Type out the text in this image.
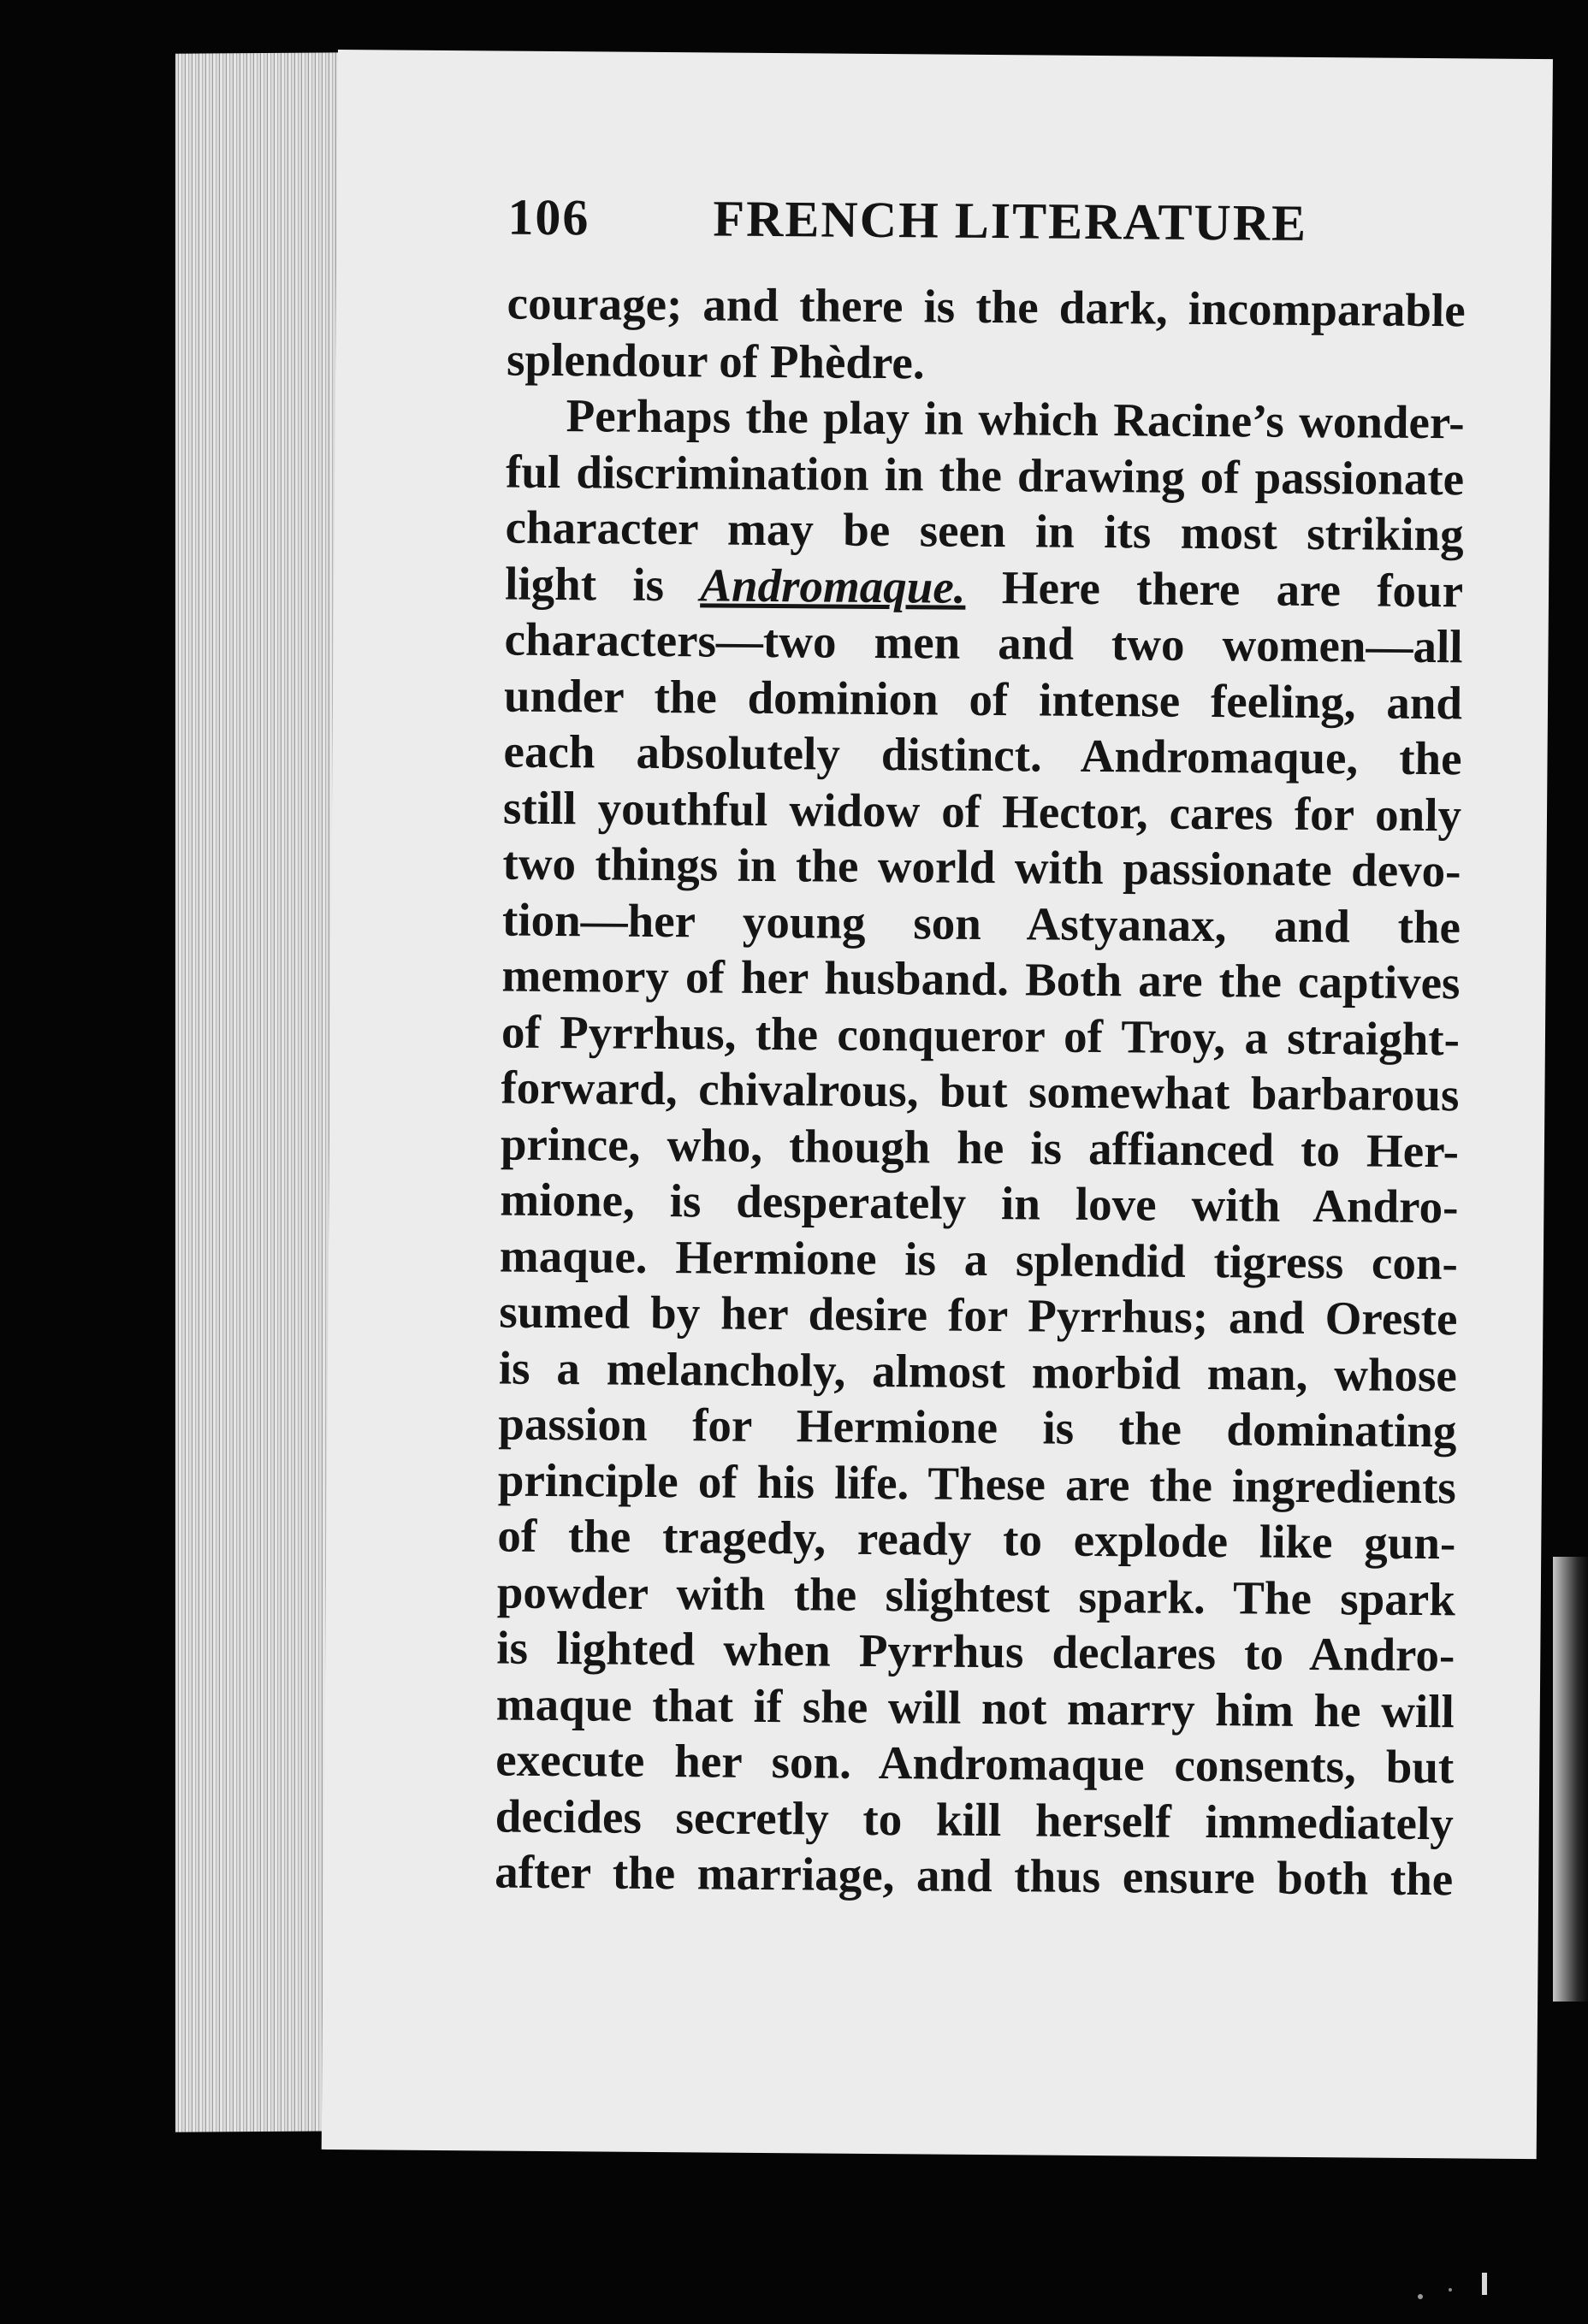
106 FRENCH LITERATURE
courage; and there is the dark, incomparable
splendour of Phèdre.
Perhaps the play in which Racine’s wonder-
ful discrimination in the drawing of passionate
character may be seen in its most striking
light is Andromaque. Here there are four
characters—two men and two women—all
under the dominion of intense feeling, and
each absolutely distinct. Andromaque, the
still youthful widow of Hector, cares for only
two things in the world with passionate devo-
tion—her young son Astyanax, and the
memory of her husband. Both are the captives
of Pyrrhus, the conqueror of Troy, a straight-
forward, chivalrous, but somewhat barbarous
prince, who, though he is affianced to Her-
mione, is desperately in love with Andro-
maque. Hermione is a splendid tigress con-
sumed by her desire for Pyrrhus; and Oreste
is a melancholy, almost morbid man, whose
passion for Hermione is the dominating
principle of his life. These are the ingredients
of the tragedy, ready to explode like gun-
powder with the slightest spark. The spark
is lighted when Pyrrhus declares to Andro-
maque that if she will not marry him he will
execute her son. Andromaque consents, but
decides secretly to kill herself immediately
after the marriage, and thus ensure both the
